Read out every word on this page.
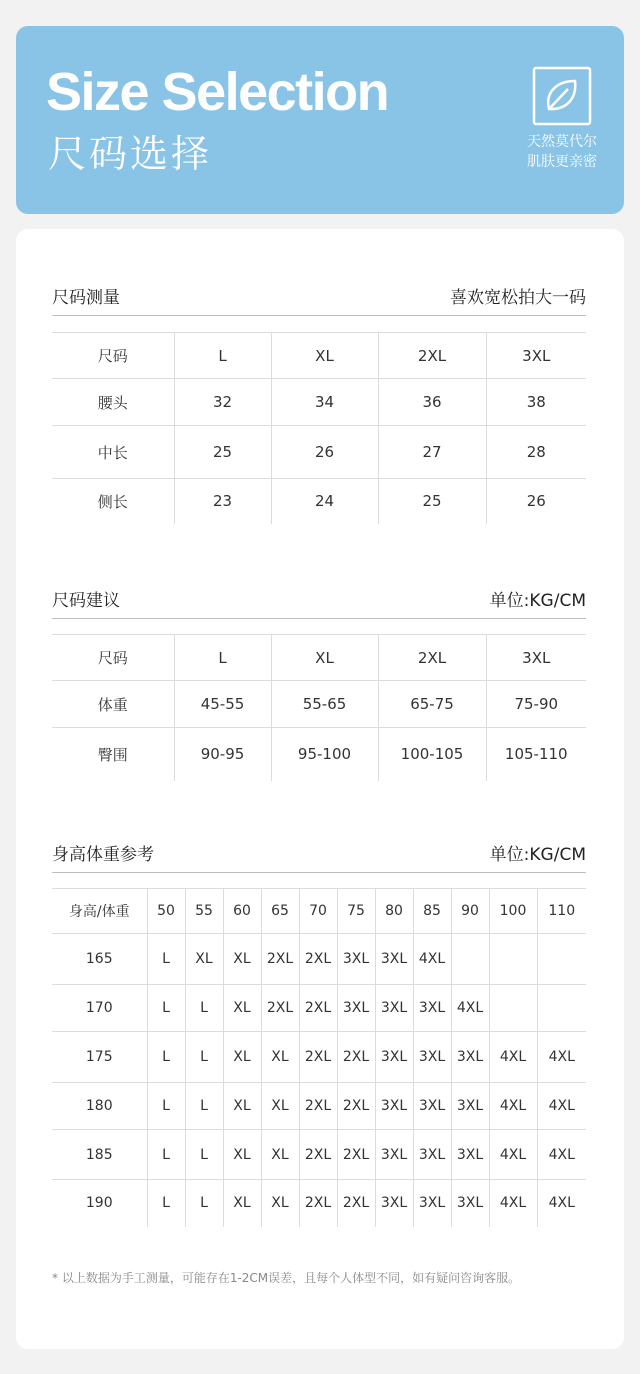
Size Selection
尺码选择	天然莫代尔
肌肤更亲密
尺码测量	喜欢宽松拍大一码
尺码	L	XL	2XL	3XL
腰头	32	34	36	38
中长	25	26	27	28
侧长	23	24	25	26
尺码建议	单位:KG/CM
尺码	L	XL	2XL	3XL
体重	45-55	55-65	65-75	75-90
臀围	90-95	95-100	100-105	105-110
身高体重参考	单位:KG/CM
身高/体重	50	55	60	65	70	75	80	85	90	100	110
165	L	XL	XL	2XL	2XL	3XL	3XL	4XL			
170	L	L	XL	2XL	2XL	3XL	3XL	3XL	4XL		
175	L	L	XL	XL	2XL	2XL	3XL	3XL	3XL	4XL	4XL
180	L	L	XL	XL	2XL	2XL	3XL	3XL	3XL	4XL	4XL
185	L	L	XL	XL	2XL	2XL	3XL	3XL	3XL	4XL	4XL
190	L	L	XL	XL	2XL	2XL	3XL	3XL	3XL	4XL	4XL
* 以上数据为手工测量，可能存在1-2CM误差，且每个人体型不同，如有疑问咨询客服。
